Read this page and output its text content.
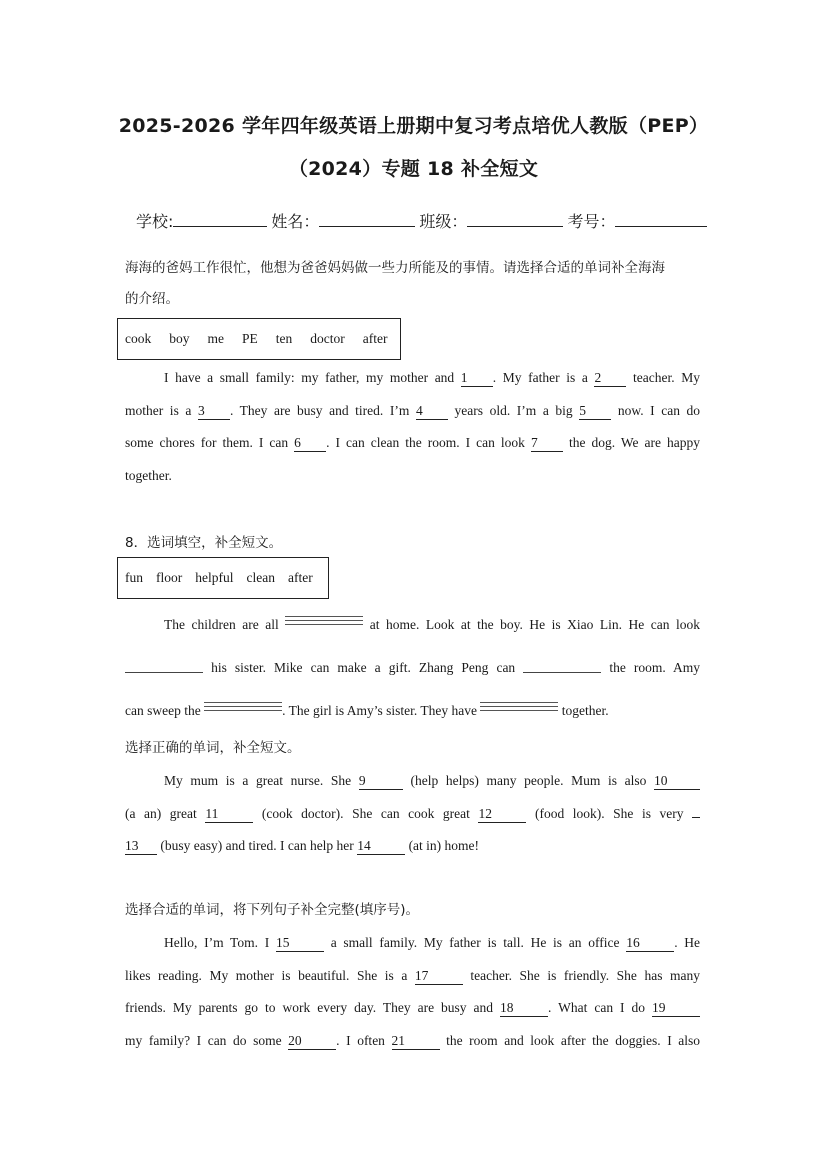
2025-2026 学年四年级英语上册期中复习考点培优人教版（PEP）
（2024）专题 18 补全短文
学校:	姓名：	班级：	考号：
海海的爸妈工作很忙，他想为爸爸妈妈做一些力所能及的事情。请选择合适的单词补全海海
的介绍。
cook boy me PE ten doctor after
I have a small family: my father, my mother and 1 . My father is a 2 teacher. My
mother is a 3 . They are busy and tired. I’m 4 years old. I’m a big 5 now. I can do
some chores for them. I can 6 . I can clean the room. I can look 7 the dog. We are happy
together.
8．选词填空，补全短文。
fun floor helpful clean after
The children are all	at home. Look at the boy. He is Xiao Lin. He can look
his sister. Mike can make a gift. Zhang Peng can	the room. Amy
can sweep the	. The girl is Amy’s sister. They have	together.
选择正确的单词，补全短文。
My mum is a great nurse. She 9	(help helps) many people. Mum is also 10
(a an) great 11	(cook doctor). She can cook great 12	(food look). She is very
13 (busy easy) and tired. I can help her 14	(at in) home!
选择合适的单词，将下列句子补全完整(填序号)。
Hello, I’m Tom. I 15	a small family. My father is tall. He is an office 16	. He
likes reading. My mother is beautiful. She is a 17	teacher. She is friendly. She has many
friends. My parents go to work every day. They are busy and 18	. What can I do 19
my family? I can do some 20	. I often 21	the room and look after the doggies. I also
